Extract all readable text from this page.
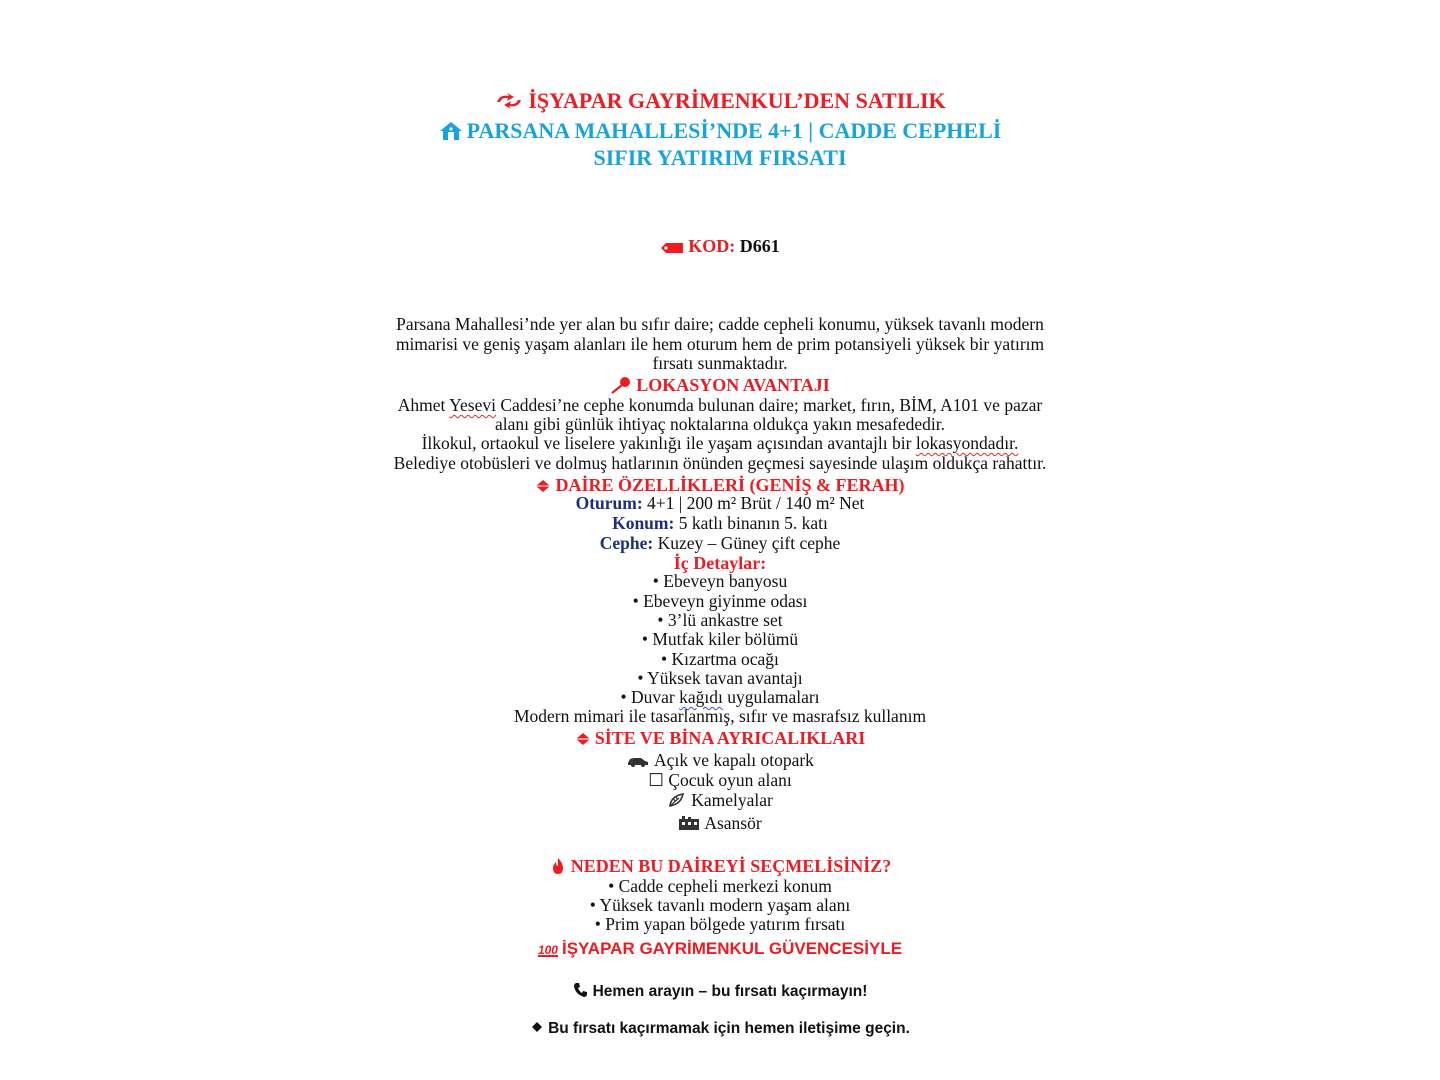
İŞYAPAR GAYRİMENKUL’DEN SATILIK
PARSANA MAHALLESİ’NDE 4+1 | CADDE CEPHELİ
SIFIR YATIRIM FIRSATI
KOD: D661
Parsana Mahallesi’nde yer alan bu sıfır daire; cadde cepheli konumu, yüksek tavanlı modern
mimarisi ve geniş yaşam alanları ile hem oturum hem de prim potansiyeli yüksek bir yatırım
fırsatı sunmaktadır.
LOKASYON AVANTAJI
Ahmet Yesevi Caddesi’ne cephe konumda bulunan daire; market, fırın, BİM, A101 ve pazar
alanı gibi günlük ihtiyaç noktalarına oldukça yakın mesafededir.
İlkokul, ortaokul ve liselere yakınlığı ile yaşam açısından avantajlı bir lokasyondadır.
Belediye otobüsleri ve dolmuş hatlarının önünden geçmesi sayesinde ulaşım oldukça rahattır.
DAİRE ÖZELLİKLERİ (GENİŞ & FERAH)
Oturum: 4+1 | 200 m² Brüt / 140 m² Net
Konum: 5 katlı binanın 5. katı
Cephe: Kuzey – Güney çift cephe
İç Detaylar:
• Ebeveyn banyosu
• Ebeveyn giyinme odası
• 3’lü ankastre set
• Mutfak kiler bölümü
• Kızartma ocağı
• Yüksek tavan avantajı
• Duvar kağıdı uygulamaları
Modern mimari ile tasarlanmış, sıfır ve masrafsız kullanım
SİTE VE BİNA AYRICALIKLARI
Açık ve kapalı otopark
☐ Çocuk oyun alanı
Kamelyalar
Asansör
NEDEN BU DAİREYİ SEÇMELİSİNİZ?
• Cadde cepheli merkezi konum
• Yüksek tavanlı modern yaşam alanı
• Prim yapan bölgede yatırım fırsatı
100 İŞYAPAR GAYRİMENKUL GÜVENCESİYLE
Hemen arayın – bu fırsatı kaçırmayın!
Bu fırsatı kaçırmamak için hemen iletişime geçin.
